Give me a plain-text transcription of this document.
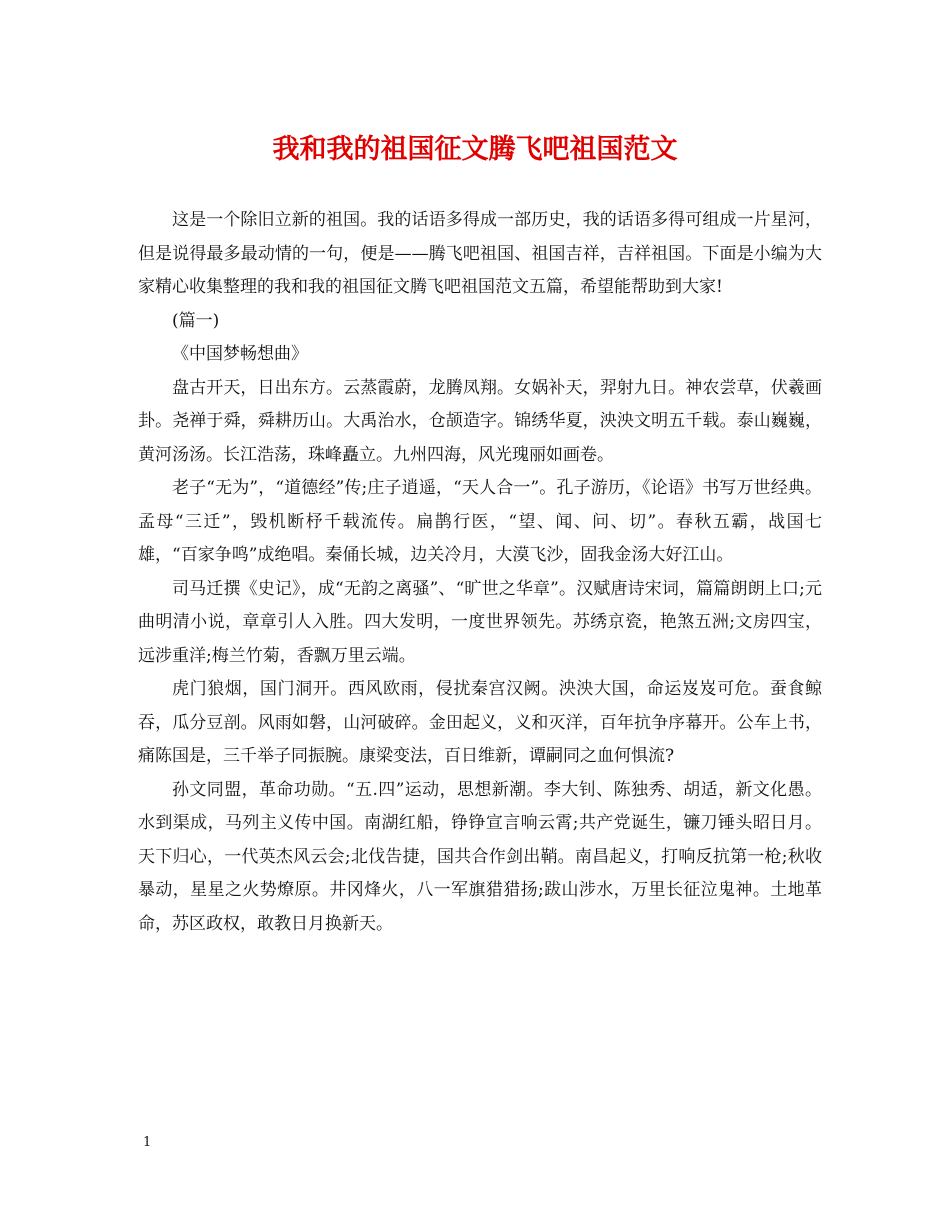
我和我的祖国征文腾飞吧祖国范文

这是一个除旧立新的祖国。我的话语多得成一部历史，我的话语多得可组成一片星河，但是说得最多最动情的一句，便是——腾飞吧祖国、祖国吉祥，吉祥祖国。下面是小编为大家精心收集整理的我和我的祖国征文腾飞吧祖国范文五篇，希望能帮助到大家!

(篇一)

《中国梦畅想曲》

盘古开天，日出东方。云蒸霞蔚，龙腾凤翔。女娲补天，羿射九日。神农尝草，伏羲画卦。尧禅于舜，舜耕历山。大禹治水，仓颉造字。锦绣华夏，泱泱文明五千载。泰山巍巍，黄河汤汤。长江浩荡，珠峰矗立。九州四海，风光瑰丽如画卷。

老子“无为”，“道德经”传;庄子逍遥，“天人合一”。孔子游历，《论语》书写万世经典。孟母“三迁”，毁机断杼千载流传。扁鹊行医，“望、闻、问、切”。春秋五霸，战国七雄，“百家争鸣”成绝唱。秦俑长城，边关冷月，大漠飞沙，固我金汤大好江山。

司马迁撰《史记》，成“无韵之离骚”、“旷世之华章”。汉赋唐诗宋词，篇篇朗朗上口;元曲明清小说，章章引人入胜。四大发明，一度世界领先。苏绣京瓷，艳煞五洲;文房四宝，远涉重洋;梅兰竹菊，香飘万里云端。

虎门狼烟，国门洞开。西风欧雨，侵扰秦宫汉阙。泱泱大国，命运岌岌可危。蚕食鲸吞，瓜分豆剖。风雨如磐，山河破碎。金田起义，义和灭洋，百年抗争序幕开。公车上书，痛陈国是，三千举子同振腕。康梁变法，百日维新，谭嗣同之血何惧流?

孙文同盟，革命功勋。“五.四”运动，思想新潮。李大钊、陈独秀、胡适，新文化愚。水到渠成，马列主义传中国。南湖红船，铮铮宣言响云霄;共产党诞生，镰刀锤头昭日月。天下归心，一代英杰风云会;北伐告捷，国共合作剑出鞘。南昌起义，打响反抗第一枪;秋收暴动，星星之火势燎原。井冈烽火，八一军旗猎猎扬;跋山涉水，万里长征泣鬼神。土地革命，苏区政权，敢教日月换新天。

1
